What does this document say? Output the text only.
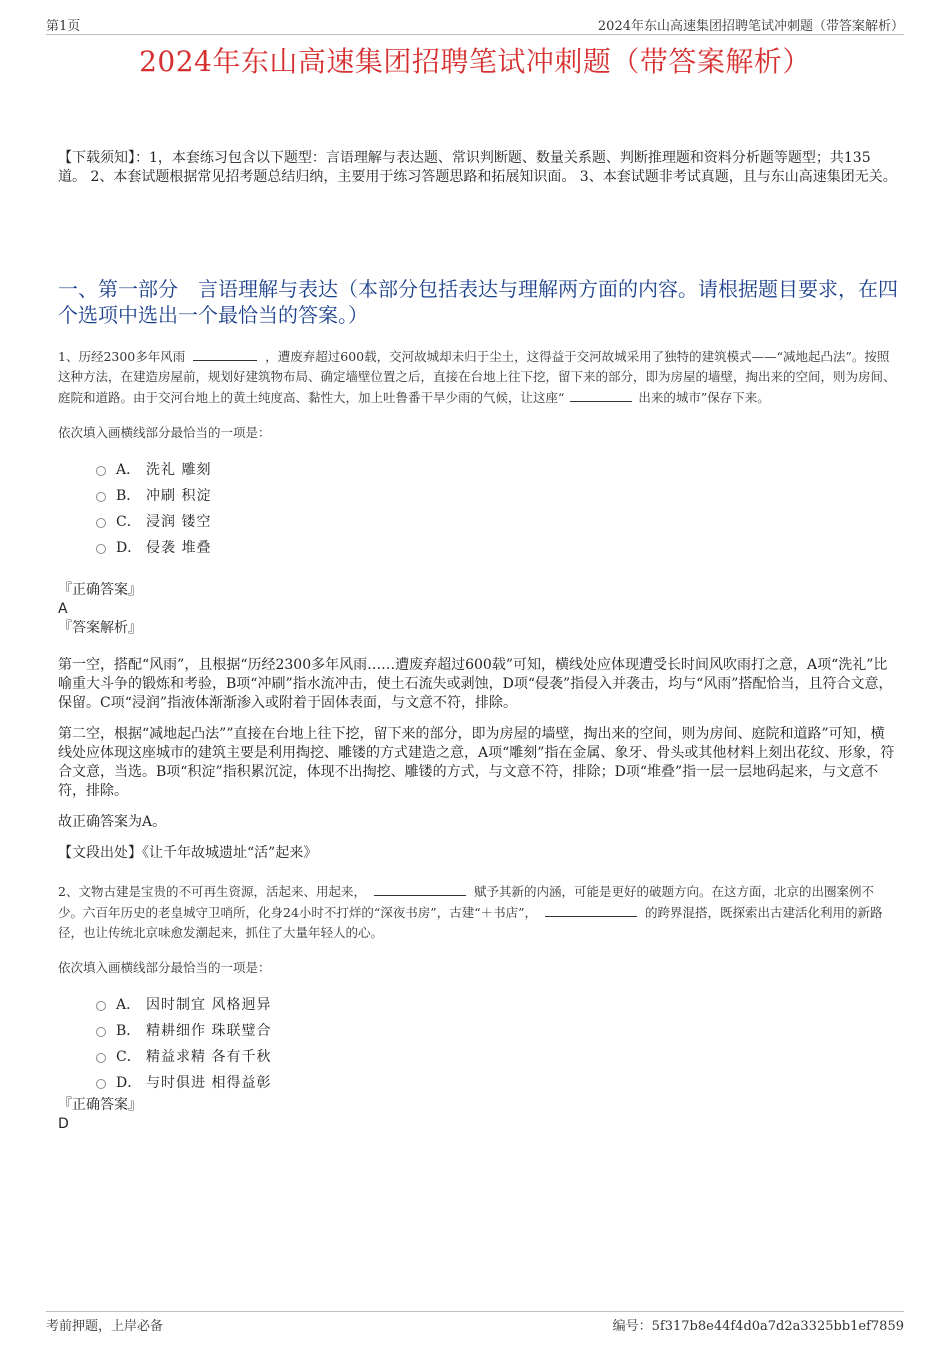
第1页	2024年东山高速集团招聘笔试冲刺题（带答案解析）
2024年东山高速集团招聘笔试冲刺题（带答案解析）
【下载须知】：1，本套练习包含以下题型：言语理解与表达题、常识判断题、数量关系题、判断推理题和资料分析题等题型；共135道。 2、本套试题根据常见招考题总结归纳，主要用于练习答题思路和拓展知识面。 3、本套试题非考试真题，且与东山高速集团无关。
一、第一部分　言语理解与表达（本部分包括表达与理解两方面的内容。请根据题目要求，在四个选项中选出一个最恰当的答案。）
1、历经2300多年风雨	，遭废弃超过600载，交河故城却未归于尘土，这得益于交河故城采用了独特的建筑模式——“减地起凸法”。按照这种方法，在建造房屋前，规划好建筑物布局、确定墙壁位置之后，直接在台地上往下挖，留下来的部分，即为房屋的墙壁，掏出来的空间，则为房间、庭院和道路。由于交河台地上的黄土纯度高、黏性大，加上吐鲁番干旱少雨的气候，让这座“	出来的城市”保存下来。
依次填入画横线部分最恰当的一项是：
A． 洗礼 雕刻
B． 冲刷 积淀
C． 浸润 镂空
D． 侵袭 堆叠
『正确答案』
A
『答案解析』
第一空，搭配“风雨”，且根据“历经2300多年风雨……遭废弃超过600载”可知，横线处应体现遭受长时间风吹雨打之意，A项“洗礼”比喻重大斗争的锻炼和考验，B项“冲刷”指水流冲击，使土石流失或剥蚀，D项“侵袭”指侵入并袭击，均与“风雨”搭配恰当，且符合文意，保留。C项“浸润”指液体渐渐渗入或附着于固体表面，与文意不符，排除。
第二空，根据“减地起凸法””直接在台地上往下挖，留下来的部分，即为房屋的墙壁，掏出来的空间，则为房间、庭院和道路”可知，横线处应体现这座城市的建筑主要是利用掏挖、雕镂的方式建造之意，A项“雕刻”指在金属、象牙、骨头或其他材料上刻出花纹、形象，符合文意，当选。B项“积淀”指积累沉淀，体现不出掏挖、雕镂的方式，与文意不符，排除；D项“堆叠”指一层一层地码起来，与文意不符，排除。
故正确答案为A。
【文段出处】《让千年故城遗址“活”起来》
2、文物古建是宝贵的不可再生资源，活起来、用起来，	赋予其新的内涵，可能是更好的破题方向。在这方面，北京的出圈案例不少。六百年历史的老皇城守卫哨所，化身24小时不打烊的“深夜书房”，古建“＋书店”，	的跨界混搭，既探索出古建活化利用的新路径，也让传统北京味愈发潮起来，抓住了大量年轻人的心。
依次填入画横线部分最恰当的一项是：
A． 因时制宜 风格迥异
B． 精耕细作 珠联璧合
C． 精益求精 各有千秋
D． 与时俱进 相得益彰
『正确答案』
D
考前押题，上岸必备	编号：5f317b8e44f4d0a7d2a3325bb1ef7859
